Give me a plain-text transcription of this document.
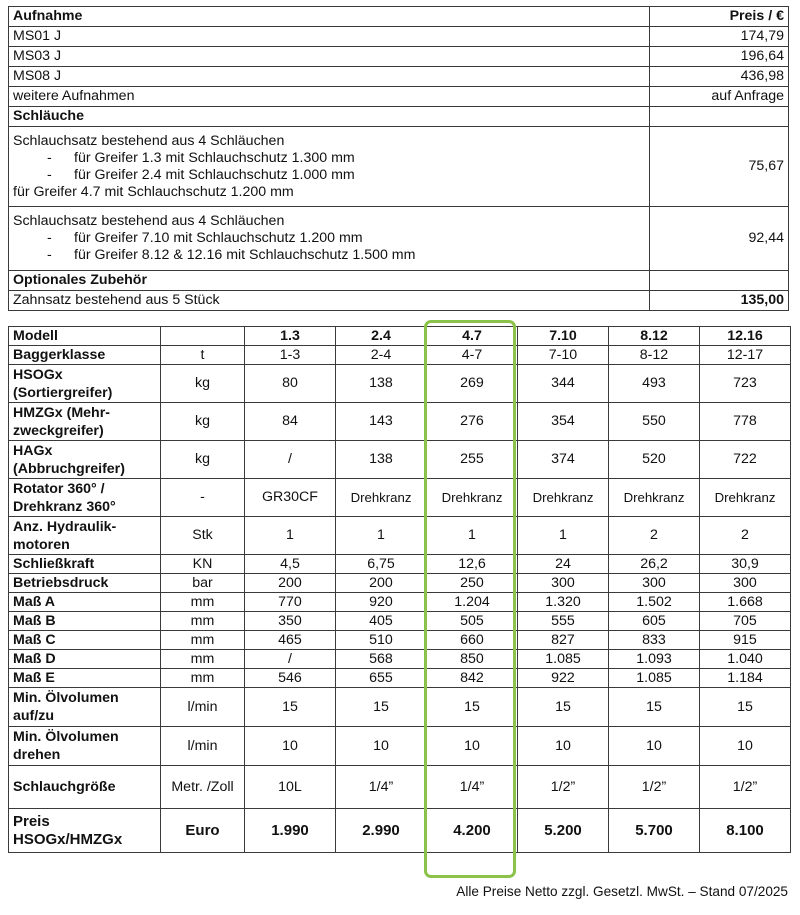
Aufnahme	Preis / €
MS01 J	174,79
MS03 J	196,64
MS08 J	436,98
weitere Aufnahmen	auf Anfrage
Schläuche	

Schlauchsatz bestehend aus 4 Schläuchen
- für Greifer 1.3 mit Schlauchschutz 1.300 mm
- für Greifer 2.4 mit Schlauchschutz 1.000 mm
für Greifer 4.7 mit Schlauchschutz 1.200 mm	75,67

Schlauchsatz bestehend aus 4 Schläuchen
- für Greifer 7.10 mit Schlauchschutz 1.200 mm
- für Greifer 8.12 & 12.16 mit Schlauchschutz 1.500 mm	92,44
Optionales Zubehör	
Zahnsatz bestehend aus 5 Stück	135,00
Modell		1.3	2.4	4.7	7.10	8.12	12.16
Baggerklasse	t	1-3	2-4	4-7	7-10	8-12	12-17
HSOGx (Sortiergreifer)	kg	80	138	269	344	493	723
HMZGx (Mehr-zweckgreifer)	kg	84	143	276	354	550	778
HAGx (Abbruchgreifer)	kg	/	138	255	374	520	722
Rotator 360° / Drehkranz 360°	-	GR30CF	Drehkranz	Drehkranz	Drehkranz	Drehkranz	Drehkranz
Anz. Hydraulik-motoren	Stk	1	1	1	1	2	2
Schließkraft	KN	4,5	6,75	12,6	24	26,2	30,9
Betriebsdruck	bar	200	200	250	300	300	300
Maß A	mm	770	920	1.204	1.320	1.502	1.668
Maß B	mm	350	405	505	555	605	705
Maß C	mm	465	510	660	827	833	915
Maß D	mm	/	568	850	1.085	1.093	1.040
Maß E	mm	546	655	842	922	1.085	1.184
Min. Ölvolumen auf/zu	l/min	15	15	15	15	15	15
Min. Ölvolumen drehen	l/min	10	10	10	10	10	10
Schlauchgröße	Metr. /Zoll	10L	1/4”	1/4”	1/2”	1/2”	1/2”
Preis HSOGx/HMZGx	Euro	1.990	2.990	4.200	5.200	5.700	8.100
Alle Preise Netto zzgl. Gesetzl. MwSt. – Stand 07/2025
